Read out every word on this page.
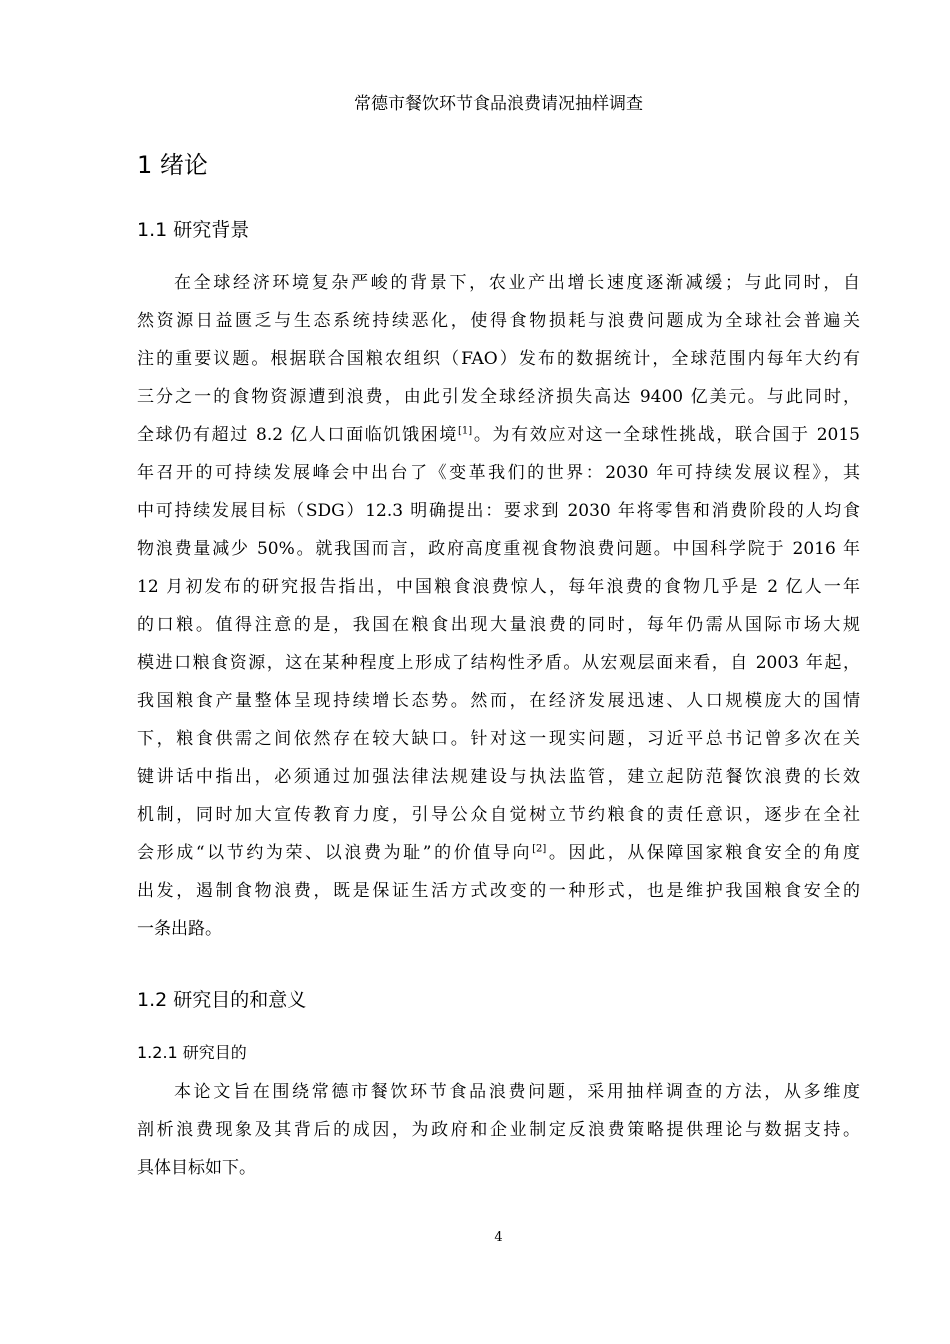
常德市餐饮环节食品浪费请况抽样调查
1 绪论
1.1 研究背景
在全球经济环境复杂严峻的背景下，农业产出增长速度逐渐减缓；与此同时，自
然资源日益匮乏与生态系统持续恶化，使得食物损耗与浪费问题成为全球社会普遍关
注的重要议题。根据联合国粮农组织（FAO）发布的数据统计，全球范围内每年大约有
三分之一的食物资源遭到浪费，由此引发全球经济损失高达 9400 亿美元。与此同时，
全球仍有超过 8.2 亿人口面临饥饿困境[1]。为有效应对这一全球性挑战，联合国于 2015
年召开的可持续发展峰会中出台了《变革我们的世界：2030 年可持续发展议程》，其
中可持续发展目标（SDG）12.3 明确提出：要求到 2030 年将零售和消费阶段的人均食
物浪费量减少 50%。就我国而言，政府高度重视食物浪费问题。中国科学院于 2016 年
12 月初发布的研究报告指出，中国粮食浪费惊人，每年浪费的食物几乎是 2 亿人一年
的口粮。值得注意的是，我国在粮食出现大量浪费的同时，每年仍需从国际市场大规
模进口粮食资源，这在某种程度上形成了结构性矛盾。从宏观层面来看，自 2003 年起，
我国粮食产量整体呈现持续增长态势。然而，在经济发展迅速、人口规模庞大的国情
下，粮食供需之间依然存在较大缺口。针对这一现实问题，习近平总书记曾多次在关
键讲话中指出，必须通过加强法律法规建设与执法监管，建立起防范餐饮浪费的长效
机制，同时加大宣传教育力度，引导公众自觉树立节约粮食的责任意识，逐步在全社
会形成“以节约为荣、以浪费为耻”的价值导向[2]。因此，从保障国家粮食安全的角度
出发，遏制食物浪费，既是保证生活方式改变的一种形式，也是维护我国粮食安全的
一条出路。
1.2 研究目的和意义
1.2.1 研究目的
本论文旨在围绕常德市餐饮环节食品浪费问题，采用抽样调查的方法，从多维度
剖析浪费现象及其背后的成因，为政府和企业制定反浪费策略提供理论与数据支持。
具体目标如下。
4
